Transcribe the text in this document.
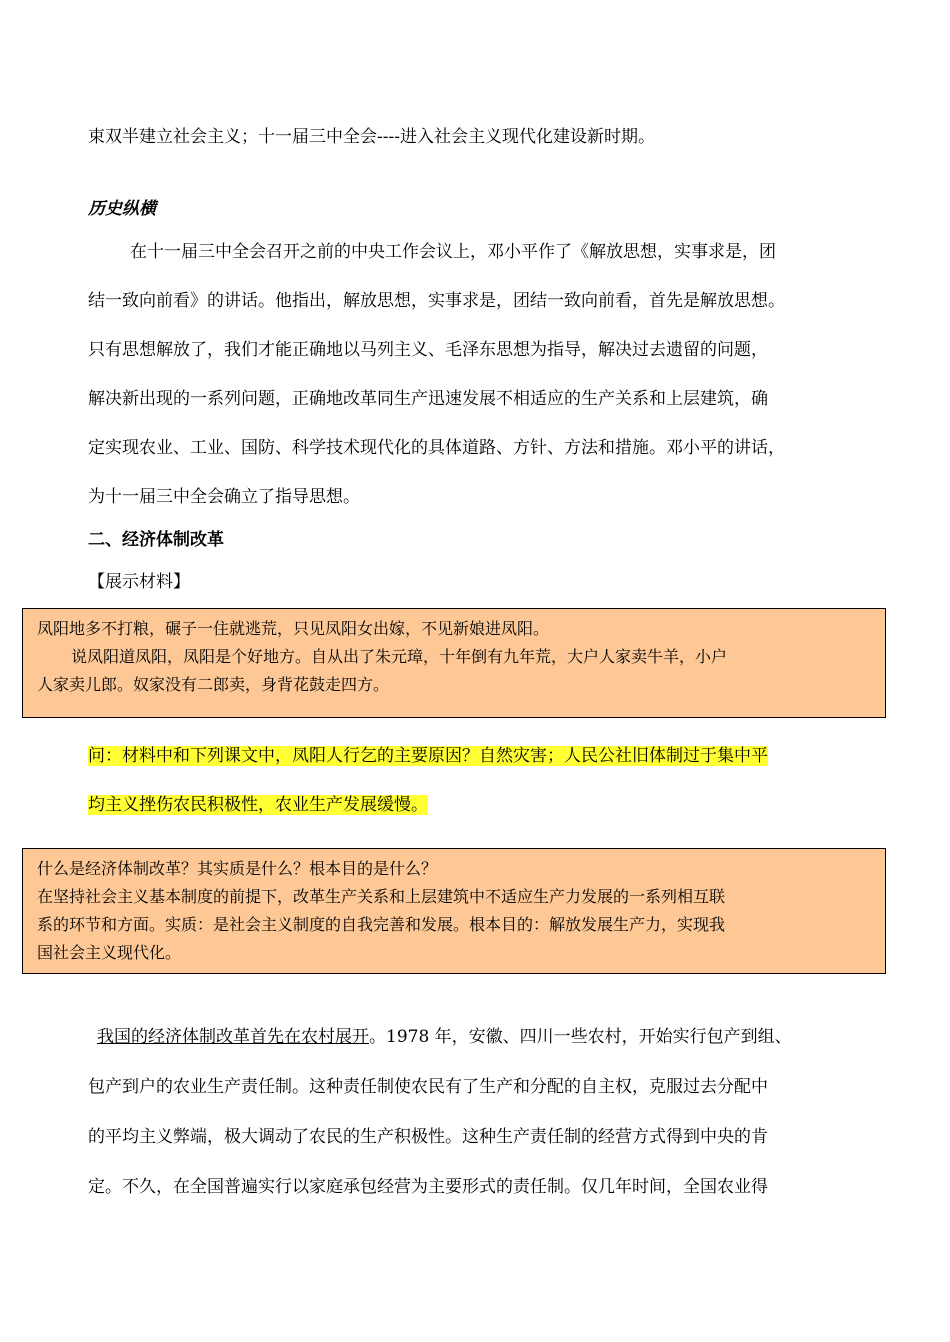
束双半建立社会主义；十一届三中全会----进入社会主义现代化建设新时期。
历史纵横
在十一届三中全会召开之前的中央工作会议上，邓小平作了《解放思想，实事求是，团
结一致向前看》的讲话。他指出，解放思想，实事求是，团结一致向前看，首先是解放思想。
只有思想解放了，我们才能正确地以马列主义、毛泽东思想为指导，解决过去遗留的问题，
解决新出现的一系列问题，正确地改革同生产迅速发展不相适应的生产关系和上层建筑，确
定实现农业、工业、国防、科学技术现代化的具体道路、方针、方法和措施。邓小平的讲话，
为十一届三中全会确立了指导思想。
二、经济体制改革
【展示材料】
凤阳地多不打粮，碾子一住就逃荒，只见凤阳女出嫁，不见新娘进凤阳。
说凤阳道凤阳，凤阳是个好地方。自从出了朱元璋，十年倒有九年荒，大户人家卖牛羊，小户
人家卖儿郎。奴家没有二郎卖，身背花鼓走四方。
问：材料中和下列课文中，凤阳人行乞的主要原因？自然灾害；人民公社旧体制过于集中平
均主义挫伤农民积极性，农业生产发展缓慢。
什么是经济体制改革？其实质是什么？根本目的是什么？
在坚持社会主义基本制度的前提下，改革生产关系和上层建筑中不适应生产力发展的一系列相互联
系的环节和方面。实质：是社会主义制度的自我完善和发展。根本目的：解放发展生产力，实现我
国社会主义现代化。
我国的经济体制改革首先在农村展开。1978 年，安徽、四川一些农村，开始实行包产到组、
包产到户的农业生产责任制。这种责任制使农民有了生产和分配的自主权，克服过去分配中
的平均主义弊端，极大调动了农民的生产积极性。这种生产责任制的经营方式得到中央的肯
定。不久，在全国普遍实行以家庭承包经营为主要形式的责任制。仅几年时间，全国农业得
